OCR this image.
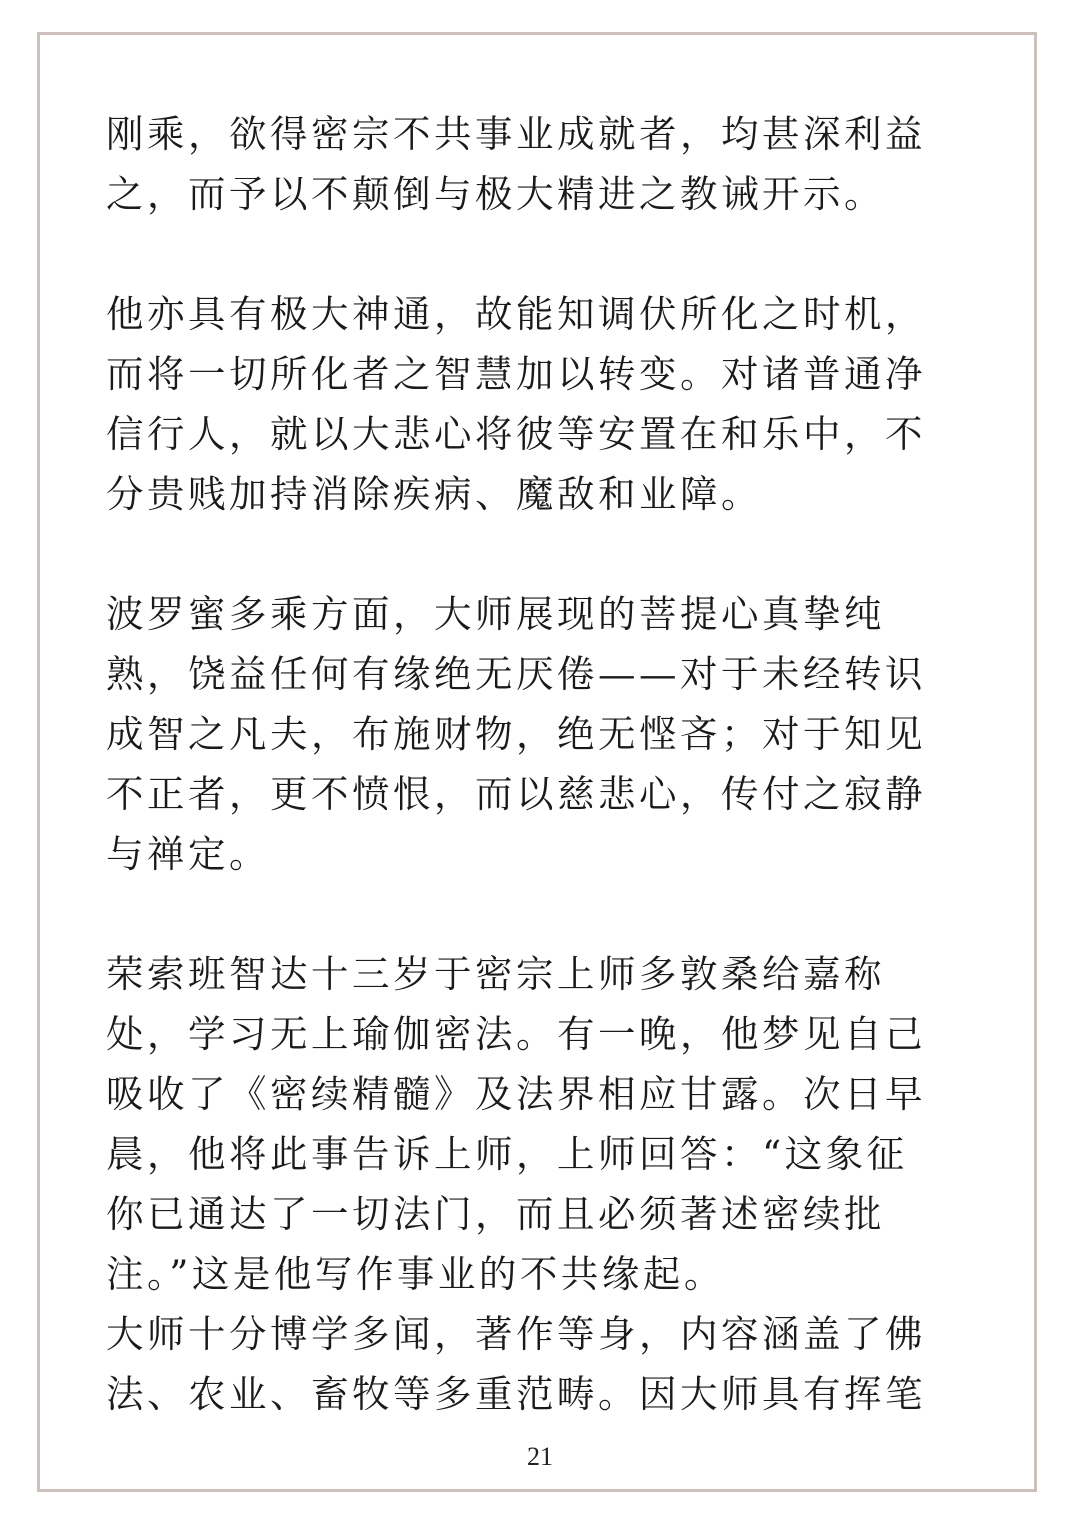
刚乘，欲得密宗不共事业成就者，均甚深利益
之，而予以不颠倒与极大精进之教诫开示。

他亦具有极大神通，故能知调伏所化之时机，
而将一切所化者之智慧加以转变。对诸普通净
信行人，就以大悲心将彼等安置在和乐中，不
分贵贱加持消除疾病、魔敌和业障。

波罗蜜多乘方面，大师展现的菩提心真挚纯
熟，饶益任何有缘绝无厌倦——对于未经转识
成智之凡夫，布施财物，绝无悭吝；对于知见
不正者，更不愤恨，而以慈悲心，传付之寂静
与禅定。

荣索班智达十三岁于密宗上师多敦桑给嘉称
处，学习无上瑜伽密法。有一晚，他梦见自己
吸收了《密续精髓》及法界相应甘露。次日早
晨，他将此事告诉上师，上师回答：“这象征
你已通达了一切法门，而且必须著述密续批
注。”这是他写作事业的不共缘起。

大师十分博学多闻，著作等身，内容涵盖了佛
法、农业、畜牧等多重范畴。因大师具有挥笔

21
